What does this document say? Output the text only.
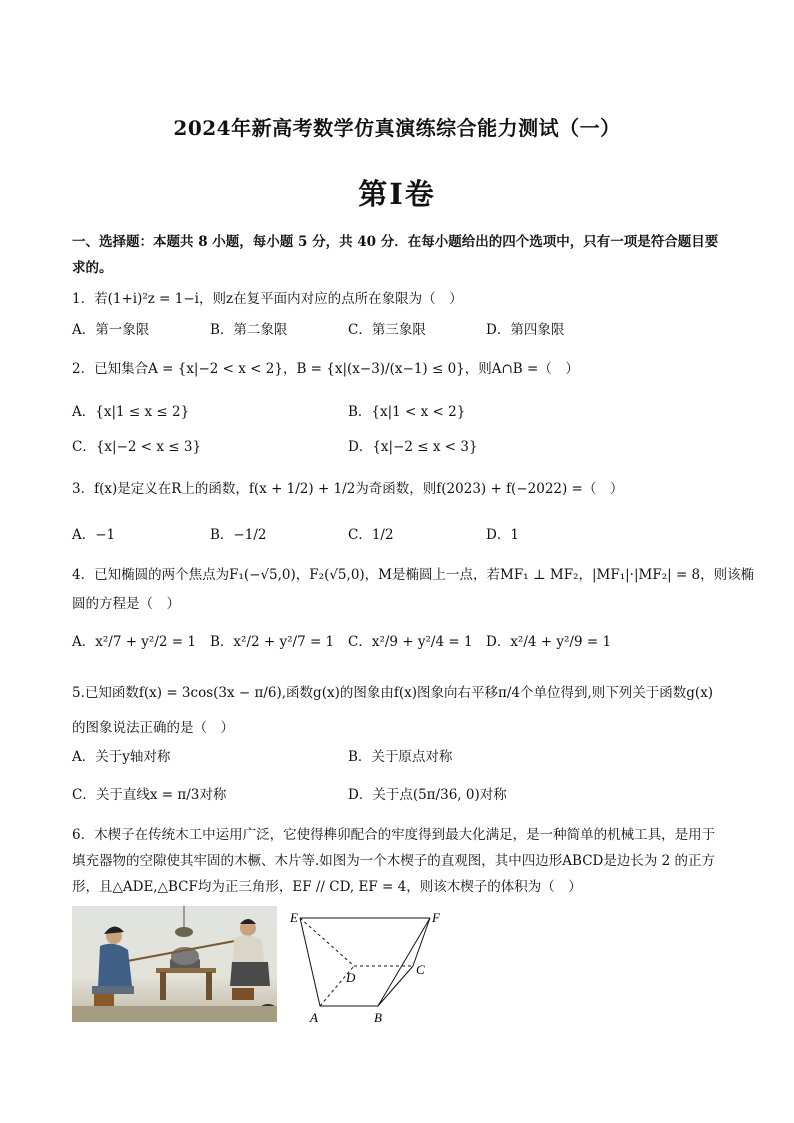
2024年新高考数学仿真演练综合能力测试（一）
第Ⅰ卷
一、选择题：本题共 8 小题，每小题 5 分，共 40 分．在每小题给出的四个选项中，只有一项是符合题目要
求的。
1．若(1+i)²z = 1−i，则z在复平面内对应的点所在象限为（　）
A．第一象限	B．第二象限	C．第三象限	D．第四象限
2．已知集合A = {x|−2 < x < 2}，B = {x|(x−3)/(x−1) ≤ 0}，则A∩B =（　）
A．{x|1 ≤ x ≤ 2}	B．{x|1 < x < 2}
C．{x|−2 < x ≤ 3}	D．{x|−2 ≤ x < 3}
3．f(x)是定义在R上的函数，f(x + 1/2) + 1/2为奇函数，则f(2023) + f(−2022) =（　）
A．−1	B．−1/2	C．1/2	D．1
4．已知椭圆的两个焦点为F₁(−√5,0)，F₂(√5,0)，M是椭圆上一点，若MF₁ ⊥ MF₂，|MF₁|·|MF₂| = 8，则该椭
圆的方程是（　）
A．x²/7 + y²/2 = 1 B．x²/2 + y²/7 = 1 C．x²/9 + y²/4 = 1 D．x²/4 + y²/9 = 1
5.已知函数f(x) = 3cos(3x − π/6),函数g(x)的图象由f(x)图象向右平移π/4个单位得到,则下列关于函数g(x)
的图象说法正确的是（　）
A．关于y轴对称	B．关于原点对称
C．关于直线x = π/3对称	D．关于点(5π/36, 0)对称
6．木楔子在传统木工中运用广泛，它使得榫卯配合的牢度得到最大化满足，是一种简单的机械工具，是用于填充器物的空隙使其牢固的木橛、木片等.如图为一个木楔子的直观图，其中四边形ABCD是边长为 2 的正方形，且△ADE,△BCF均为正三角形，EF // CD, EF = 4，则该木楔子的体积为（　）
E	F
D
C
A	B
